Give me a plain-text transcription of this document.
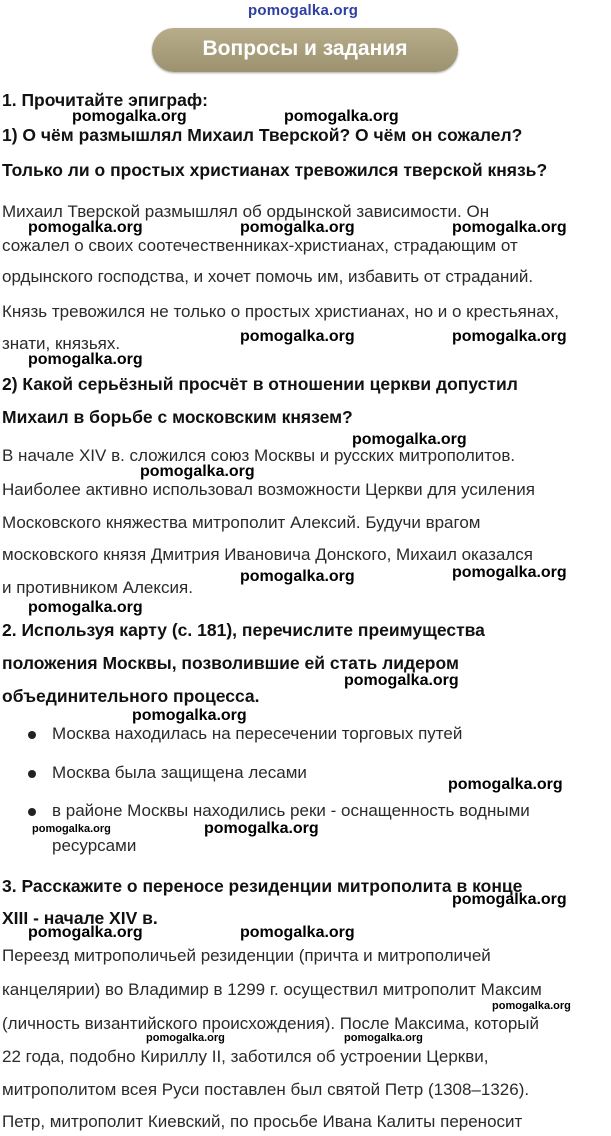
pomogalka.org
Вопросы и задания
1. Прочитайте эпиграф:
1) О чём размышлял Михаил Тверской? О чём он сожалел?
Только ли о простых христианах тревожился тверской князь?
Михаил Тверской размышлял об ордынской зависимости. Он
сожалел о своих соотечественниках-христианах, страдающим от
ордынского господства, и хочет помочь им, избавить от страданий.
Князь тревожился не только о простых христианах, но и о крестьянах,
знати, князьях.
2) Какой серьёзный просчёт в отношении церкви допустил
Михаил в борьбе с московским князем?
В начале XIV в. сложился союз Москвы и русских митрополитов.
Наиболее активно использовал возможности Церкви для усиления
Московского княжества митрополит Алексий. Будучи врагом
московского князя Дмитрия Ивановича Донского, Михаил оказался
и противником Алексия.
2. Используя карту (с. 181), перечислите преимущества
положения Москвы, позволившие ей стать лидером
объединительного процесса.
Москва находилась на пересечении торговых путей
Москва была защищена лесами
в районе Москвы находились реки - оснащенность водными
ресурсами
3. Расскажите о переносе резиденции митрополита в конце
XIII - начале XIV в.
Переезд митрополичьей резиденции (причта и митрополичей
канцелярии) во Владимир в 1299 г. осуществил митрополит Максим
(личность византийского происхождения). После Максима, который
22 года, подобно Кириллу II, заботился об устроении Церкви,
митрополитом всея Руси поставлен был святой Петр (1308–1326).
Петр, митрополит Киевский, по просьбе Ивана Калиты переносит
pomogalka.org	pomogalka.org
pomogalka.org	pomogalka.org	pomogalka.org
pomogalka.org	pomogalka.org
pomogalka.org
pomogalka.org
pomogalka.org
pomogalka.org	pomogalka.org
pomogalka.org
pomogalka.org
pomogalka.org
pomogalka.org
pomogalka.org
pomogalka.org
pomogalka.org
pomogalka.org	pomogalka.org
pomogalka.org
pomogalka.org	pomogalka.org
